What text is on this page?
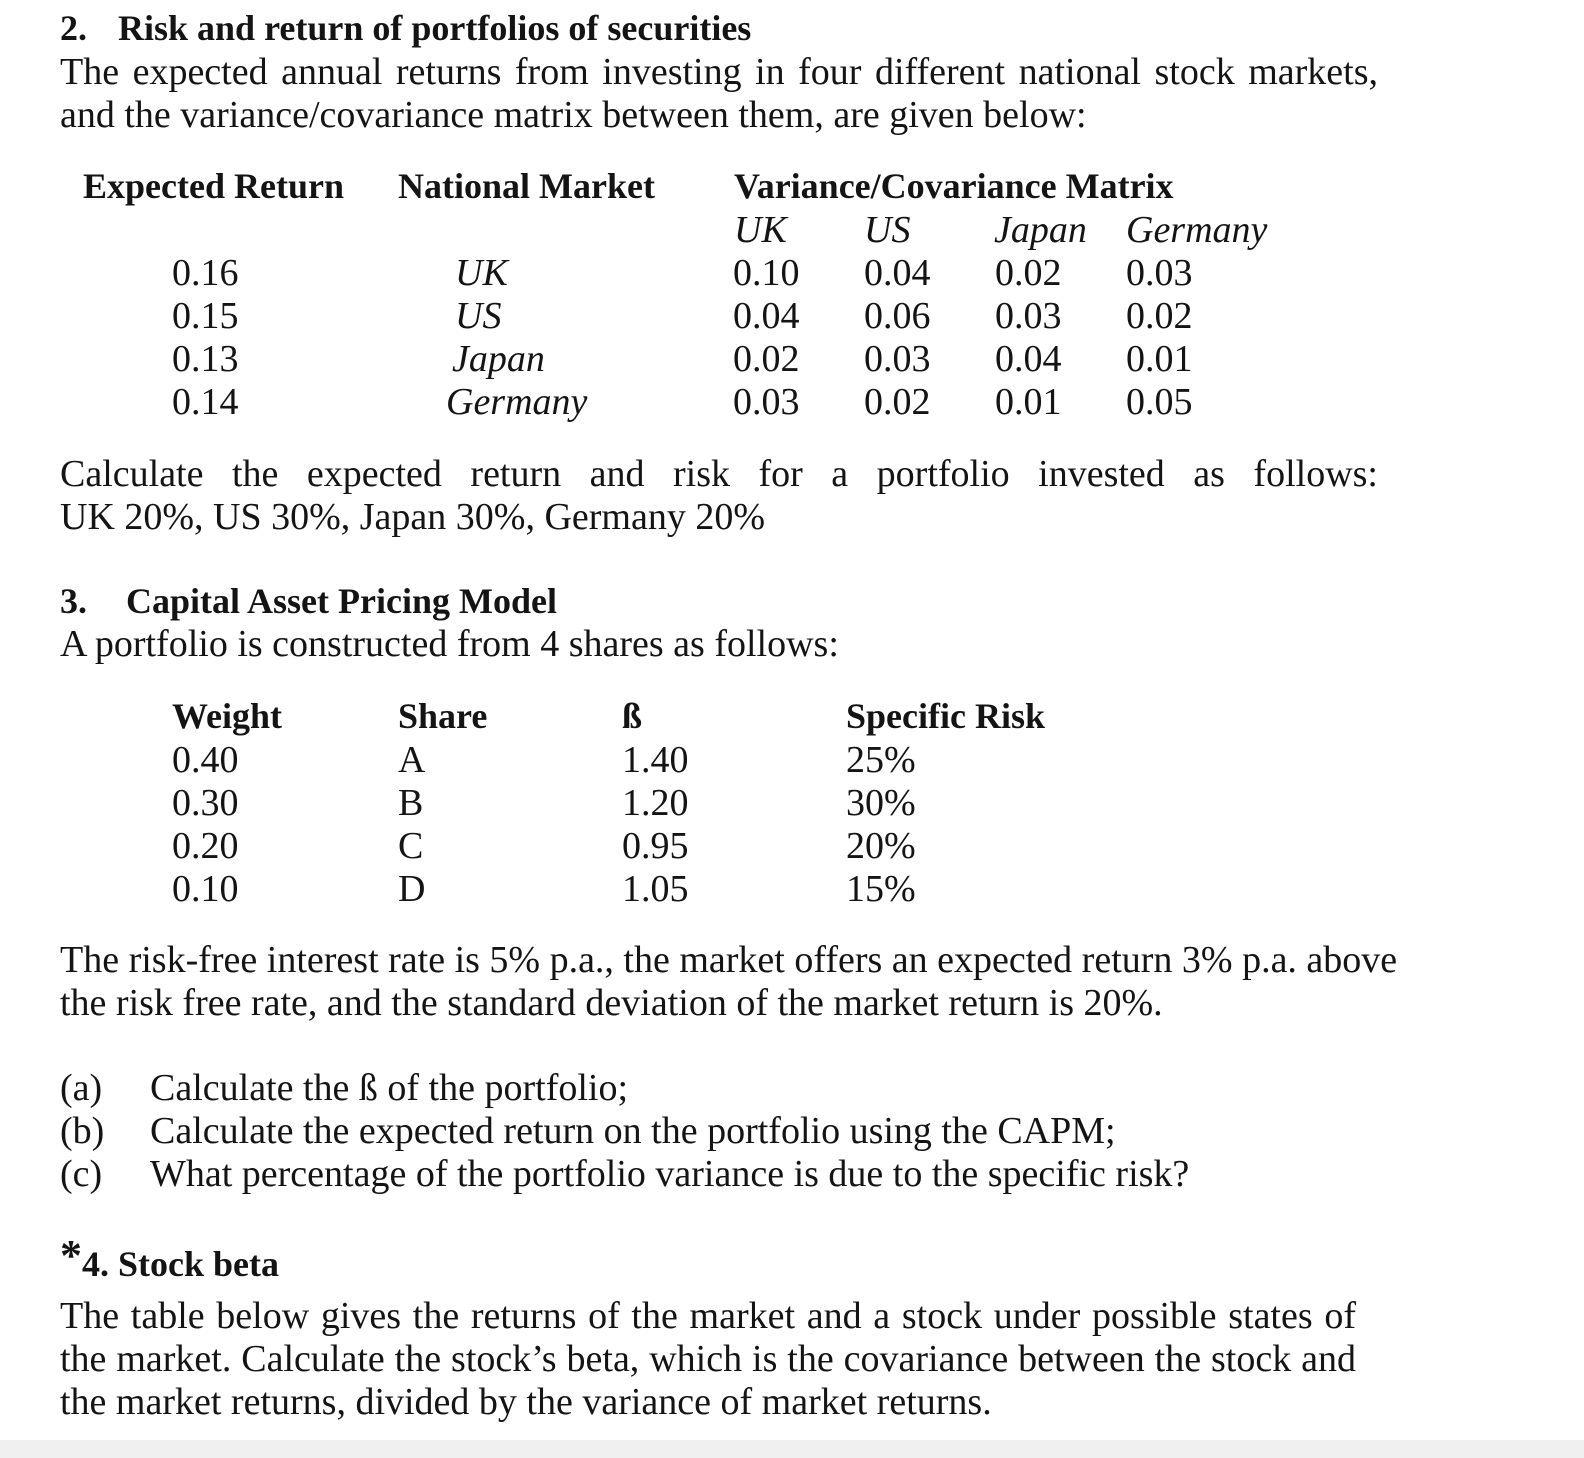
2. Risk and return of portfolios of securities
The expected annual returns from investing in four different national stock markets,
and the variance/covariance matrix between them, are given below:
Expected Return National Market Variance/Covariance Matrix
UK US Japan Germany
0.16	UK	0.10 0.04 0.02 0.03
0.15	US	0.04 0.06 0.03 0.02
0.13	Japan	0.02 0.03 0.04 0.01
0.14	Germany	0.03 0.02 0.01 0.05
Calculate the expected return and risk for a portfolio invested as follows:
UK 20%, US 30%, Japan 30%, Germany 20%
3. Capital Asset Pricing Model
A portfolio is constructed from 4 shares as follows:
Weight	Share	ß	Specific Risk
0.40	A	1.40	25%
0.30	B	1.20	30%
0.20	C	0.95	20%
0.10	D	1.05	15%
The risk-free interest rate is 5% p.a., the market offers an expected return 3% p.a. above
the risk free rate, and the standard deviation of the market return is 20%.
(a) Calculate the ß of the portfolio;
(b) Calculate the expected return on the portfolio using the CAPM;
(c) What percentage of the portfolio variance is due to the specific risk?
*4. Stock beta
The table below gives the returns of the market and a stock under possible states of
the market. Calculate the stock’s beta, which is the covariance between the stock and
the market returns, divided by the variance of market returns.
